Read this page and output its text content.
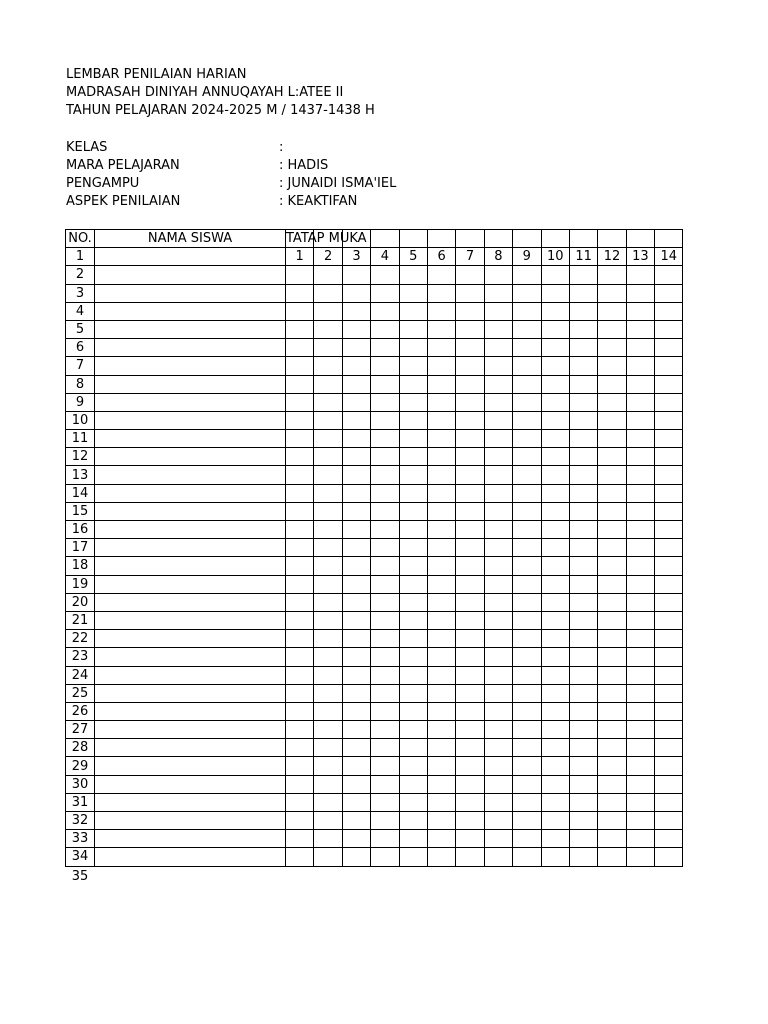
LEMBAR PENILAIAN HARIAN
MADRASAH DINIYAH ANNUQAYAH L:ATEE II
TAHUN PELAJARAN 2024-2025 M / 1437-1438 H
KELAS	:
MARA PELAJARAN	: HADIS
PENGAMPU	: JUNAIDI ISMA'IEL
ASPEK PENILAIAN	: KEAKTIFAN
NO.	NAMA SISWA	TATAP MUKA													

1		1	2	3	4	5	6	7	8	9	10	11	12	13	14
2															
3															
4															
5															
6															
7															
8															
9															
10															
11															
12															
13															
14															
15															
16															
17															
18															
19															
20															
21															
22															
23															
24															
25															
26															
27															
28															
29															
30															
31															
32															
33															
34															
35
